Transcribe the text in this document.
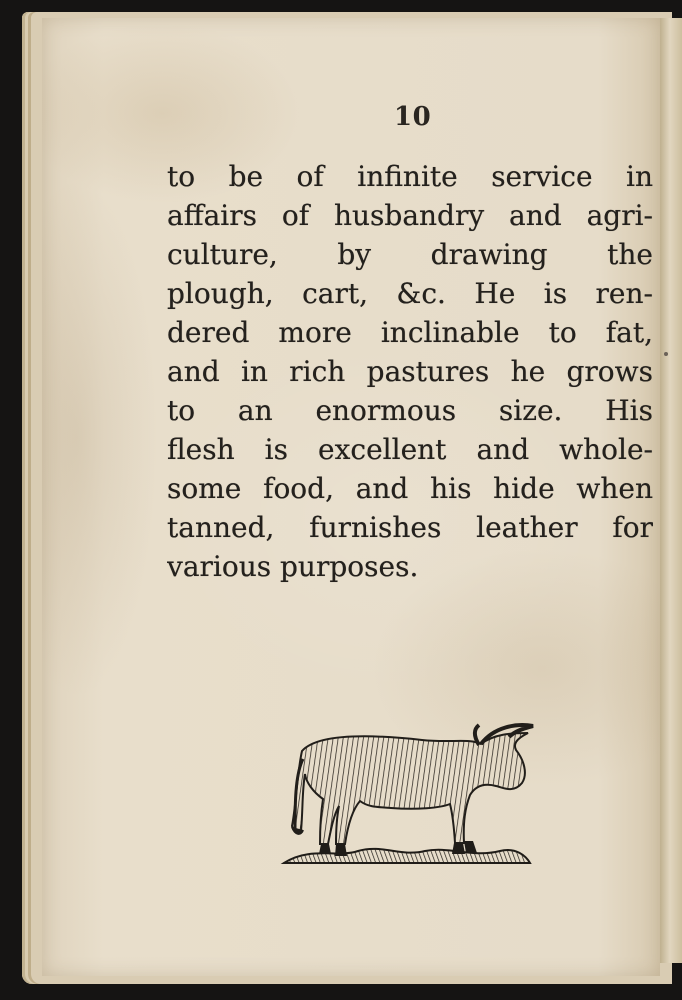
10
to be of infinite service in
affairs of husbandry and agri-
culture, by drawing the
plough, cart, &c. He is ren-
dered more inclinable to fat,
and in rich pastures he grows
to an enormous size. His
flesh is excellent and whole-
some food, and his hide when
tanned, furnishes leather for
various purposes.
